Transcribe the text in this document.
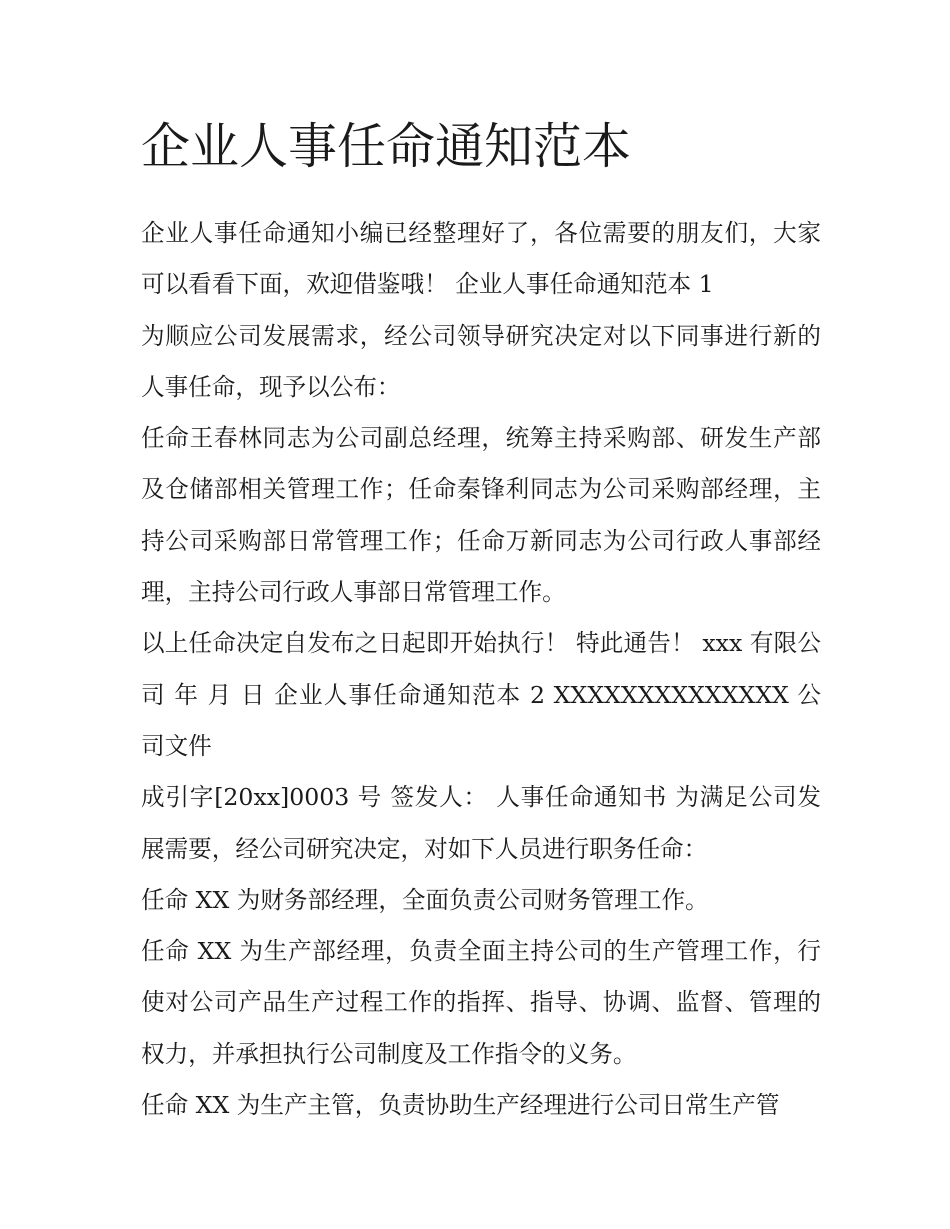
企业人事任命通知范本

企业人事任命通知小编已经整理好了，各位需要的朋友们，大家可以看看下面，欢迎借鉴哦！ 企业人事任命通知范本 1

为顺应公司发展需求，经公司领导研究决定对以下同事进行新的人事任命，现予以公布：

任命王春林同志为公司副总经理，统筹主持采购部、研发生产部及仓储部相关管理工作；任命秦锋利同志为公司采购部经理，主持公司采购部日常管理工作；任命万新同志为公司行政人事部经理，主持公司行政人事部日常管理工作。

以上任命决定自发布之日起即开始执行！ 特此通告！ xxx 有限公司 年 月 日 企业人事任命通知范本 2 XXXXXXXXXXXXXX 公司文件

成引字[20xx]0003 号 签发人： 人事任命通知书 为满足公司发展需要，经公司研究决定，对如下人员进行职务任命：

任命 XX 为财务部经理，全面负责公司财务管理工作。

任命 XX 为生产部经理，负责全面主持公司的生产管理工作，行使对公司产品生产过程工作的指挥、指导、协调、监督、管理的权力，并承担执行公司制度及工作指令的义务。

任命 XX 为生产主管，负责协助生产经理进行公司日常生产管
